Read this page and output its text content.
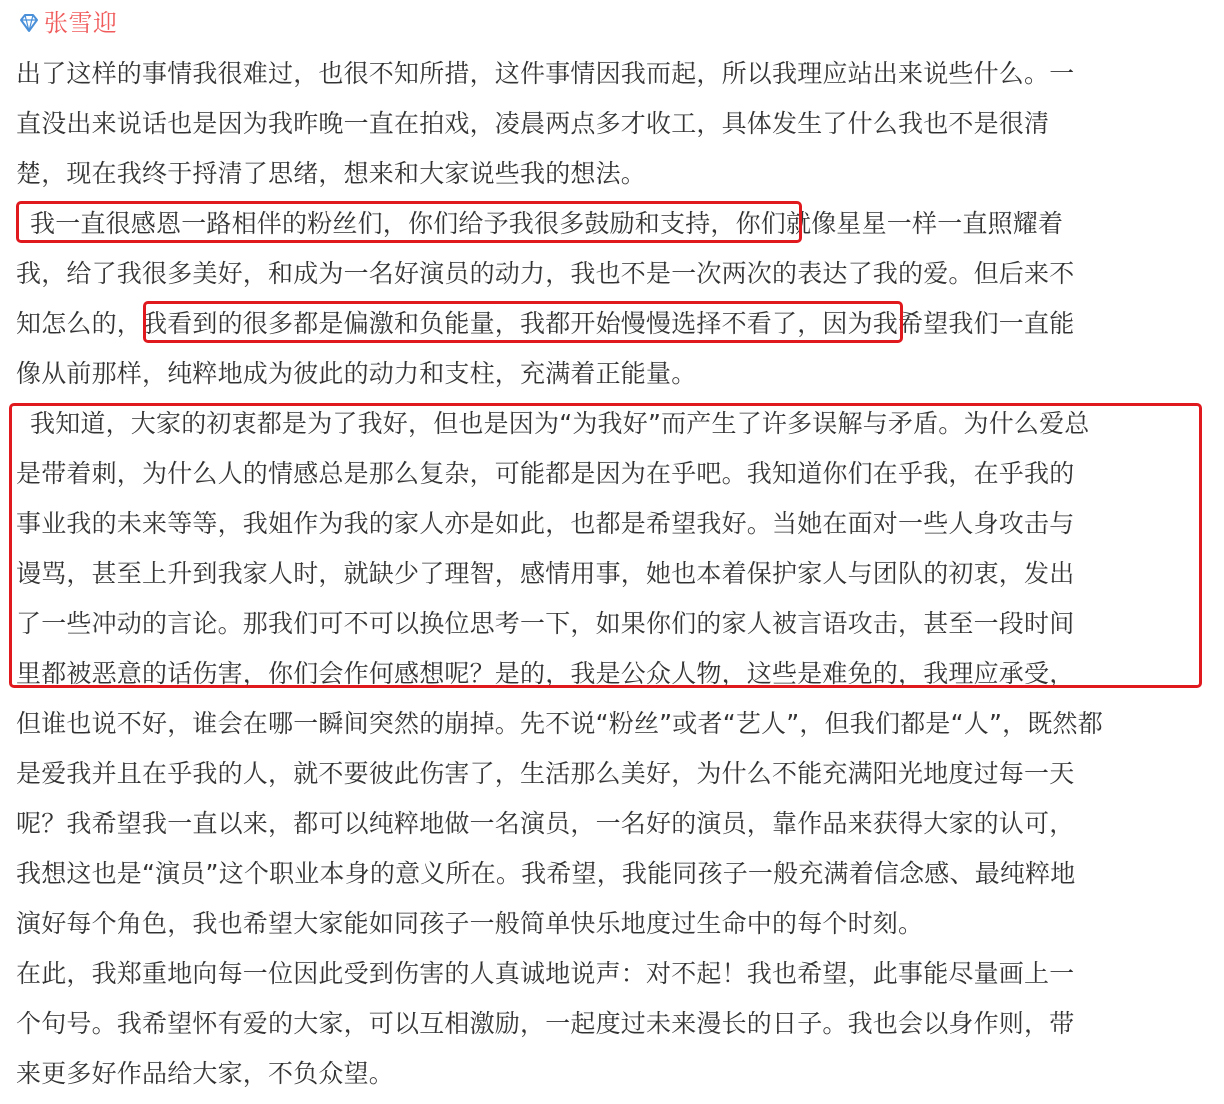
张雪迎
出了这样的事情我很难过，也很不知所措，这件事情因我而起，所以我理应站出来说些什么。一
直没出来说话也是因为我昨晚一直在拍戏，凌晨两点多才收工，具体发生了什么我也不是很清
楚，现在我终于捋清了思绪，想来和大家说些我的想法。
我一直很感恩一路相伴的粉丝们，你们给予我很多鼓励和支持，你们就像星星一样一直照耀着
我，给了我很多美好，和成为一名好演员的动力，我也不是一次两次的表达了我的爱。但后来不
知怎么的，我看到的很多都是偏激和负能量，我都开始慢慢选择不看了，因为我希望我们一直能
像从前那样，纯粹地成为彼此的动力和支柱，充满着正能量。
我知道，大家的初衷都是为了我好，但也是因为“为我好”而产生了许多误解与矛盾。为什么爱总
是带着刺，为什么人的情感总是那么复杂，可能都是因为在乎吧。我知道你们在乎我，在乎我的
事业我的未来等等，我姐作为我的家人亦是如此，也都是希望我好。当她在面对一些人身攻击与
谩骂，甚至上升到我家人时，就缺少了理智，感情用事，她也本着保护家人与团队的初衷，发出
了一些冲动的言论。那我们可不可以换位思考一下，如果你们的家人被言语攻击，甚至一段时间
里都被恶意的话伤害，你们会作何感想呢？是的，我是公众人物，这些是难免的，我理应承受，
但谁也说不好，谁会在哪一瞬间突然的崩掉。先不说“粉丝”或者“艺人”，但我们都是“人”，既然都
是爱我并且在乎我的人，就不要彼此伤害了，生活那么美好，为什么不能充满阳光地度过每一天
呢？我希望我一直以来，都可以纯粹地做一名演员，一名好的演员，靠作品来获得大家的认可，
我想这也是“演员”这个职业本身的意义所在。我希望，我能同孩子一般充满着信念感、最纯粹地
演好每个角色，我也希望大家能如同孩子一般简单快乐地度过生命中的每个时刻。
在此，我郑重地向每一位因此受到伤害的人真诚地说声：对不起！我也希望，此事能尽量画上一
个句号。我希望怀有爱的大家，可以互相激励，一起度过未来漫长的日子。我也会以身作则，带
来更多好作品给大家，不负众望。
